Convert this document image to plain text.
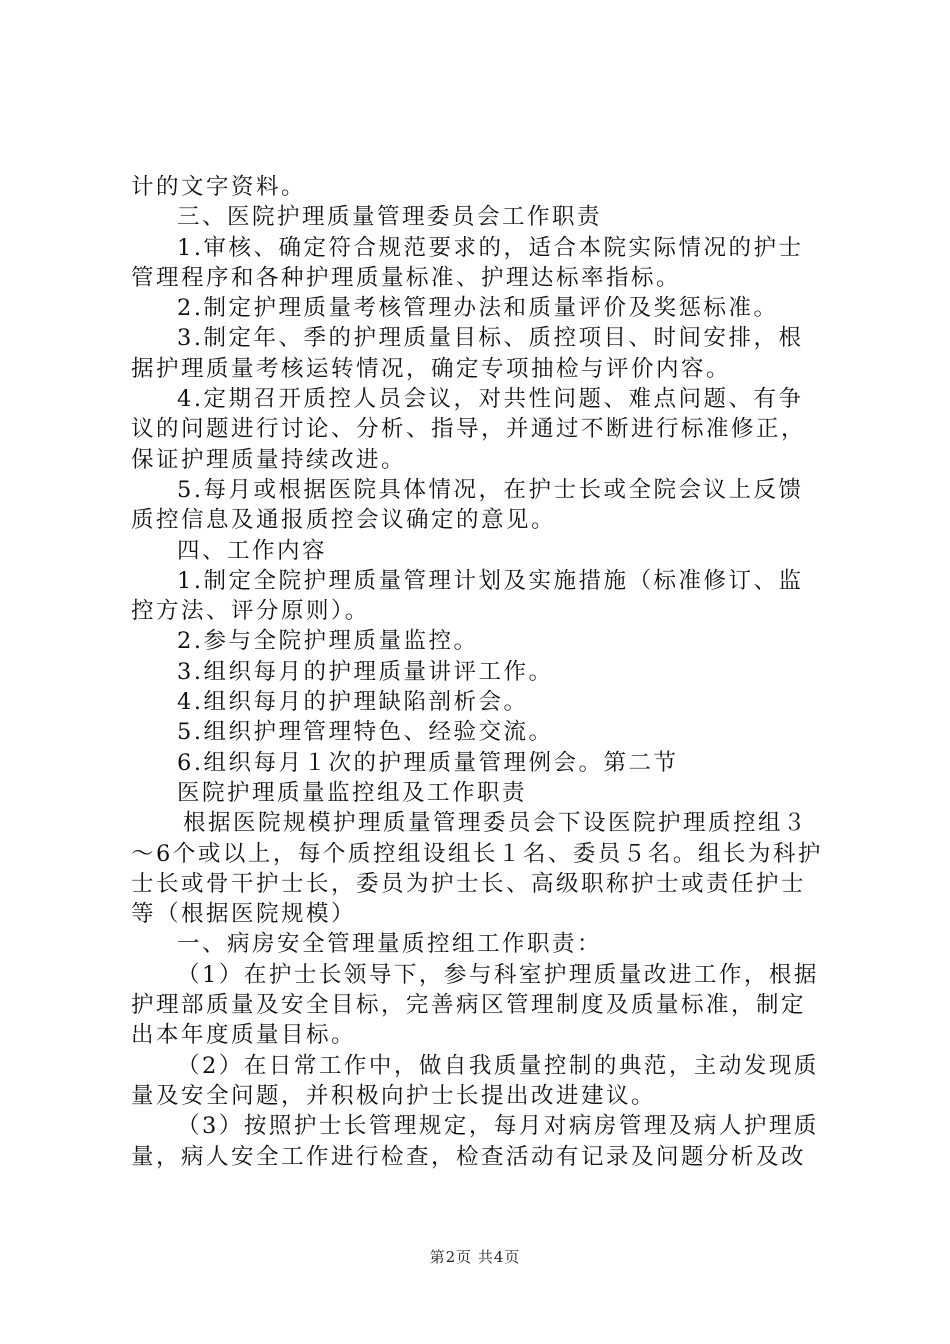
计的文字资料。
三、医院护理质量管理委员会工作职责
1.审核、确定符合规范要求的，适合本院实际情况的护士
管理程序和各种护理质量标准、护理达标率指标。
2.制定护理质量考核管理办法和质量评价及奖惩标准。
3.制定年、季的护理质量目标、质控项目、时间安排，根
据护理质量考核运转情况，确定专项抽检与评价内容。
4.定期召开质控人员会议，对共性问题、难点问题、有争
议的问题进行讨论、分析、指导，并通过不断进行标准修正，
保证护理质量持续改进。
5.每月或根据医院具体情况，在护士长或全院会议上反馈
质控信息及通报质控会议确定的意见。
四、工作内容
1.制定全院护理质量管理计划及实施措施（标准修订、监
控方法、评分原则）。
2.参与全院护理质量监控。
3.组织每月的护理质量讲评工作。
4.组织每月的护理缺陷剖析会。
5.组织护理管理特色、经验交流。
6.组织每月１次的护理质量管理例会。第二节
医院护理质量监控组及工作职责
根据医院规模护理质量管理委员会下设医院护理质控组３
～6个或以上，每个质控组设组长１名、委员５名。组长为科护
士长或骨干护士长，委员为护士长、高级职称护士或责任护士
等（根据医院规模）
一、病房安全管理量质控组工作职责：
（1）在护士长领导下，参与科室护理质量改进工作，根据
护理部质量及安全目标，完善病区管理制度及质量标准，制定
出本年度质量目标。
（2）在日常工作中，做自我质量控制的典范，主动发现质
量及安全问题，并积极向护士长提出改进建议。
（3）按照护士长管理规定，每月对病房管理及病人护理质
量，病人安全工作进行检查，检查活动有记录及问题分析及改
第2页 共4页
